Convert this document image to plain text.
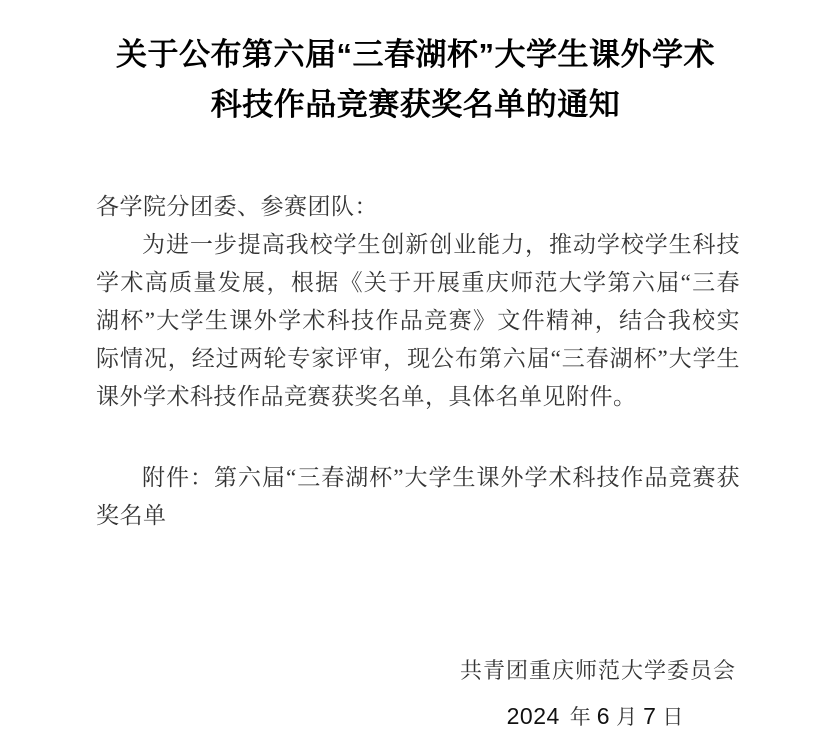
关于公布第六届“三春湖杯”大学生课外学术
科技作品竞赛获奖名单的通知
各学院分团委、参赛团队：

为进一步提高我校学生创新创业能力，推动学校学生科技学术高质量发展，根据《关于开展重庆师范大学第六届“三春湖杯”大学生课外学术科技作品竞赛》文件精神，结合我校实际情况，经过两轮专家评审，现公布第六届“三春湖杯”大学生课外学术科技作品竞赛获奖名单，具体名单见附件。

附件：第六届“三春湖杯”大学生课外学术科技作品竞赛获奖名单

共青团重庆师范大学委员会
2024 年 6 月 7 日
